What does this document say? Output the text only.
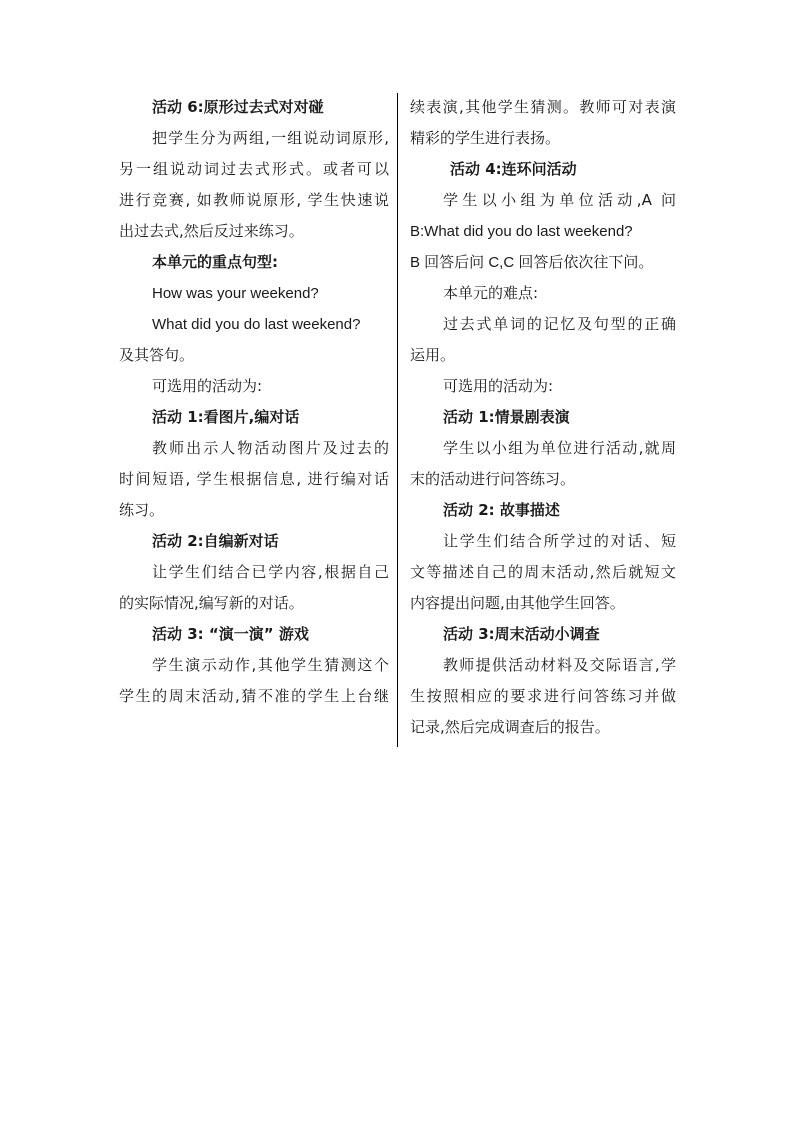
活动 6:原形过去式对对碰
把学生分为两组,一组说动词原形,
另一组说动词过去式形式。或者可以
进行竞赛, 如教师说原形, 学生快速说
出过去式,然后反过来练习。
本单元的重点句型:
How was your weekend?
What did you do last weekend?
及其答句。
可选用的活动为:
活动 1:看图片,编对话
教师出示人物活动图片及过去的
时间短语, 学生根据信息, 进行编对话
练习。
活动 2:自编新对话
让学生们结合已学内容,根据自己
的实际情况,编写新的对话。
活动 3: “演一演” 游戏
学生演示动作,其他学生猜测这个
学生的周末活动,猜不准的学生上台继
续表演,其他学生猜测。教师可对表演
精彩的学生进行表扬。
活动 4:连环问活动
学生以小组为单位活动,A 问
B:What did you do last weekend?
B 回答后问 C,C 回答后依次往下问。
本单元的难点:
过去式单词的记忆及句型的正确
运用。
可选用的活动为:
活动 1:情景剧表演
学生以小组为单位进行活动,就周
末的活动进行问答练习。
活动 2: 故事描述
让学生们结合所学过的对话、短
文等描述自己的周末活动,然后就短文
内容提出问题,由其他学生回答。
活动 3:周末活动小调查
教师提供活动材料及交际语言,学
生按照相应的要求进行问答练习并做
记录,然后完成调查后的报告。
